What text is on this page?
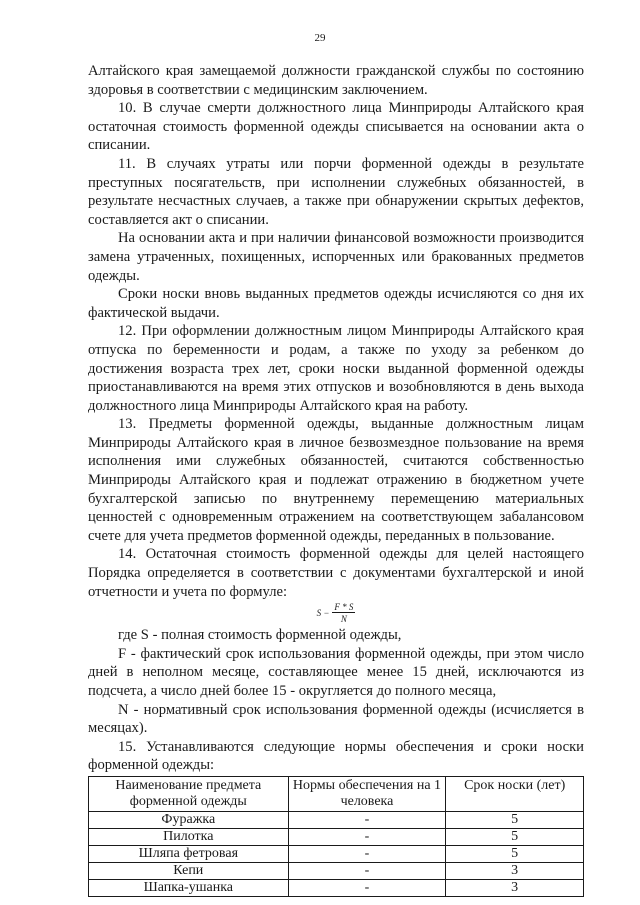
29

Алтайского края замещаемой должности гражданской службы по состоянию здоровья в соответствии с медицинским заключением.

10. В случае смерти должностного лица Минприроды Алтайского края остаточная стоимость форменной одежды списывается на основании акта о списании.

11. В случаях утраты или порчи форменной одежды в результате преступных посягательств, при исполнении служебных обязанностей, в результате несчастных случаев, а также при обнаружении скрытых дефектов, составляется акт о списании.

На основании акта и при наличии финансовой возможности производится замена утраченных, похищенных, испорченных или бракованных предметов одежды.

Сроки носки вновь выданных предметов одежды исчисляются со дня их фактической выдачи.

12. При оформлении должностным лицом Минприроды Алтайского края отпуска по беременности и родам, а также по уходу за ребенком до достижения возраста трех лет, сроки носки выданной форменной одежды приостанавливаются на время этих отпусков и возобновляются в день выхода должностного лица Минприроды Алтайского края на работу.

13. Предметы форменной одежды, выданные должностным лицам Минприроды Алтайского края в личное безвозмездное пользование на время исполнения ими служебных обязанностей, считаются собственностью Минприроды Алтайского края и подлежат отражению в бюджетном учете бухгалтерской записью по внутреннему перемещению материальных ценностей с одновременным отражением на соответствующем забалансовом счете для учета предметов форменной одежды, переданных в пользование.

14. Остаточная стоимость форменной одежды для целей настоящего Порядка определяется в соответствии с документами бухгалтерской и иной отчетности и учета по формуле:

$S - \frac{F * S}{N}$

где S - полная стоимость форменной одежды,

F - фактический срок использования форменной одежды, при этом число дней в неполном месяце, составляющее менее 15 дней, исключаются из подсчета, а число дней более 15 - округляется до полного месяца,

N - нормативный срок использования форменной одежды (исчисляется в месяцах).

15. Устанавливаются следующие нормы обеспечения и сроки носки форменной одежды:

Наименование предмета форменной одежды	Нормы обеспечения на 1 человека	Срок носки (лет)
Фуражка	-	5
Пилотка	-	5
Шляпа фетровая	-	5
Кепи	-	3
Шапка-ушанка	-	3
